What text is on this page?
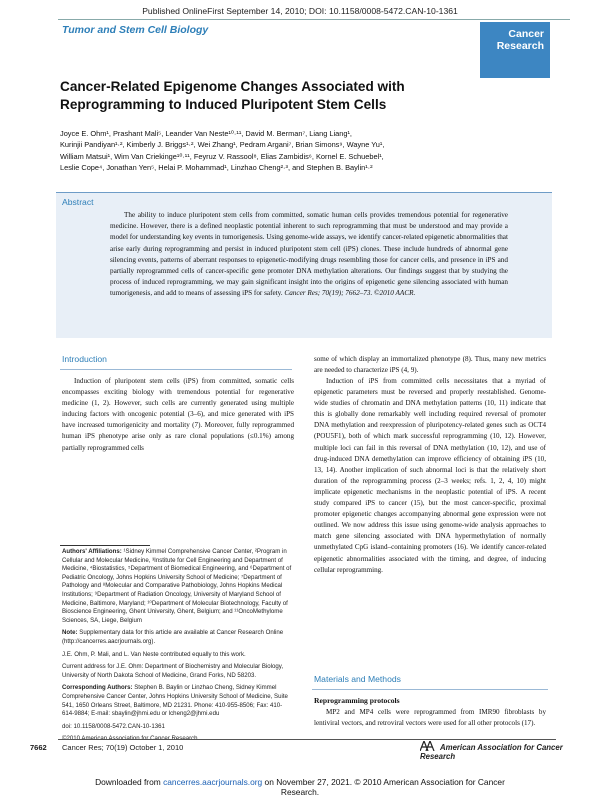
Published OnlineFirst September 14, 2010; DOI: 10.1158/0008-5472.CAN-10-1361
Tumor and Stem Cell Biology	Cancer
Research
Cancer-Related Epigenome Changes Associated with Reprogramming to Induced Pluripotent Stem Cells
Joyce E. Ohm¹, Prashant Mali⁵, Leander Van Neste¹⁰·¹¹, David M. Berman⁷, Liang Liang¹,
Kurinjii Pandiyan¹·², Kimberly J. Briggs¹·², Wei Zhang¹, Pedram Argani⁷, Brian Simons⁹, Wayne Yu¹,
William Matsui¹, Wim Van Criekinge¹⁰·¹¹, Feyruz V. Rassool⁸, Elias Zambidis⁶, Kornel E. Schuebel¹,
Leslie Cope⁴, Jonathan Yen⁵, Helai P. Mohammad¹, Linzhao Cheng²·³, and Stephen B. Baylin¹·²
Abstract
The ability to induce pluripotent stem cells from committed, somatic human cells provides tremendous potential for regenerative medicine. However, there is a defined neoplastic potential inherent to such reprogramming that must be understood and may provide a model for understanding key events in tumorigenesis. Using genome-wide assays, we identify cancer-related epigenetic abnormalities that arise early during reprogramming and persist in induced pluripotent stem cell (iPS) clones. These include hundreds of abnormal gene silencing events, patterns of aberrant responses to epigenetic-modifying drugs resembling those for cancer cells, and presence in iPS and partially reprogrammed cells of cancer-specific gene promoter DNA methylation alterations. Our findings suggest that by studying the process of induced reprogramming, we may gain significant insight into the origins of epigenetic gene silencing associated with human tumorigenesis, and add to means of assessing iPS for safety. Cancer Res; 70(19); 7662–73. ©2010 AACR.
Introduction
Induction of pluripotent stem cells (iPS) from committed, somatic cells encompasses exciting biology with tremendous potential for regenerative medicine (1, 2). However, such cells are currently generated using multiple inducing factors with oncogenic potential (3–6), and mice generated with iPS have increased tumorigenicity and mortality (7). Moreover, fully reprogrammed human iPS phenotype arise only as rare clonal populations (≤0.1%) among partially reprogrammed cells
Authors' Affiliations: ¹Sidney Kimmel Comprehensive Cancer Center, ²Program in Cellular and Molecular Medicine, ³Institute for Cell Engineering and Department of Medicine, ⁴Biostatistics, ⁵Department of Biomedical Engineering, and ⁶Department of Pediatric Oncology, Johns Hopkins University School of Medicine; ⁷Department of Pathology and ⁸Molecular and Comparative Pathobiology, Johns Hopkins Medical Institutions; ⁹Department of Radiation Oncology, University of Maryland School of Medicine, Baltimore, Maryland; ¹⁰Department of Molecular Biotechnology, Faculty of Bioscience Engineering, Ghent University, Ghent, Belgium; and ¹¹OncoMethylome Sciences, SA, Liege, Belgium
Note: Supplementary data for this article are available at Cancer Research Online (http://cancerres.aacrjournals.org).
J.E. Ohm, P. Mali, and L. Van Neste contributed equally to this work.
Current address for J.E. Ohm: Department of Biochemistry and Molecular Biology, University of North Dakota School of Medicine, Grand Forks, ND 58203.
Corresponding Authors: Stephen B. Baylin or Linzhao Cheng, Sidney Kimmel Comprehensive Cancer Center, Johns Hopkins University School of Medicine, Suite 541, 1650 Orleans Street, Baltimore, MD 21231. Phone: 410-955-8506; Fax: 410-614-9884; E-mail: sbaylin@jhmi.edu or lcheng2@jhmi.edu
doi: 10.1158/0008-5472.CAN-10-1361
©2010 American Association for Cancer Research.
some of which display an immortalized phenotype (8). Thus, many new metrics are needed to characterize iPS (4, 9).
Induction of iPS from committed cells necessitates that a myriad of epigenetic parameters must be reversed and properly reestablished. Genome-wide studies of chromatin and DNA methylation patterns (10, 11) indicate that this is globally done remarkably well including required reversal of promoter DNA methylation and reexpression of pluripotency-related genes such as OCT4 (POU5F1), both of which mark successful reprogramming (10, 12). However, multiple loci can fail in this reversal of DNA methylation (10, 12), and use of drug-induced DNA demethylation can improve efficiency of obtaining iPS (10, 13, 14). Another implication of such abnormal loci is that the relatively short duration of the reprogramming process (2–3 weeks; refs. 1, 2, 4, 10) might implicate epigenetic mechanisms in the neoplastic potential of iPS. A recent study compared iPS to cancer (15), but the most cancer-specific, proximal promoter epigenetic changes accompanying abnormal gene expression were not outlined. We now address this issue using genome-wide analysis approaches to match gene silencing associated with DNA hypermethylation of normally unmethylated CpG island–containing promoters (16). We identify cancer-related epigenetic abnormalities associated with the timing, and degree, of inducing cellular reprogramming.
Materials and Methods
Reprogramming protocols
MP2 and MP4 cells were reprogrammed from IMR90 fibroblasts by lentiviral vectors, and retroviral vectors were used for all other protocols (17).
7662 Cancer Res; 70(19) October 1, 2010	American Association for Cancer Research
Downloaded from cancerres.aacrjournals.org on November 27, 2021. © 2010 American Association for Cancer
Research.
